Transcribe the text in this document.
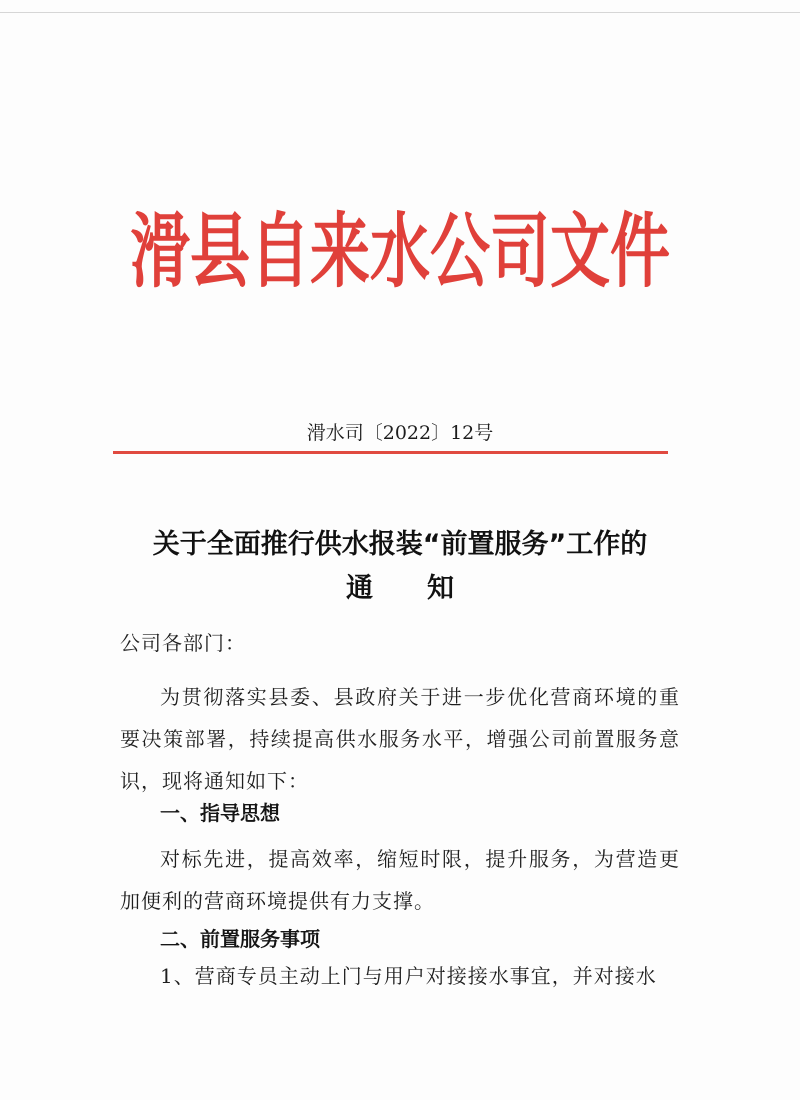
滑县自来水公司文件
滑水司〔2022〕12号
关于全面推行供水报装“前置服务”工作的
通知
公司各部门：
为贯彻落实县委、县政府关于进一步优化营商环境的重要决策部署，持续提高供水服务水平，增强公司前置服务意识，现将通知如下：
一、指导思想
对标先进，提高效率，缩短时限，提升服务，为营造更加便利的营商环境提供有力支撑。
二、前置服务事项
1、营商专员主动上门与用户对接接水事宜，并对接水
